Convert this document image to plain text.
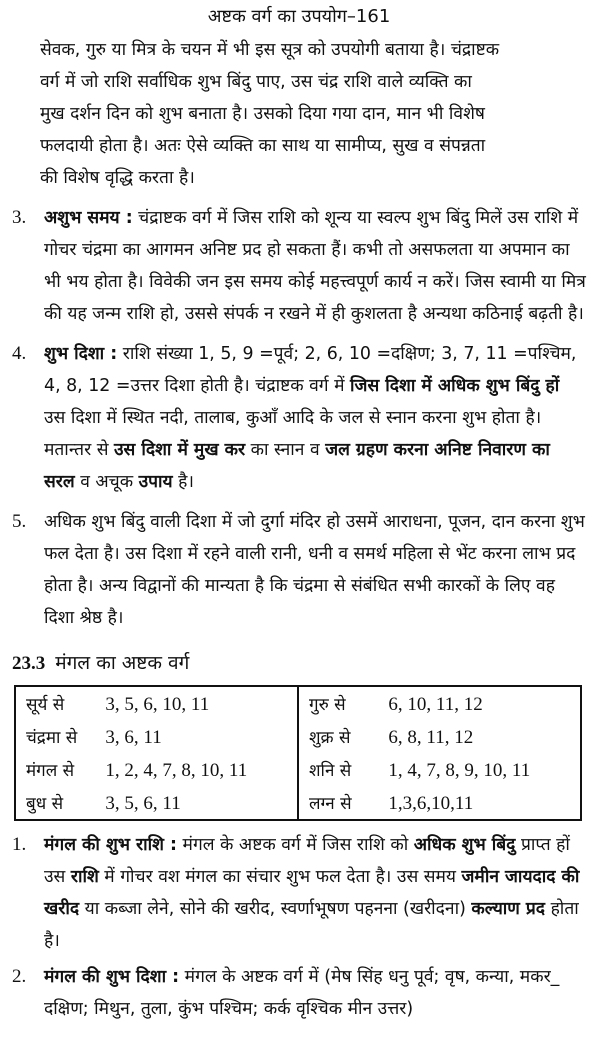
अष्टक वर्ग का उपयोग–161

सेवक, गुरु या मित्र के चयन में भी इस सूत्र को उपयोगी बताया है। चंद्राष्टक

वर्ग में जो राशि सर्वाधिक शुभ बिंदु पाए, उस चंद्र राशि वाले व्यक्ति का

मुख दर्शन दिन को शुभ बनाता है। उसको दिया गया दान, मान भी विशेष

फलदायी होता है। अतः ऐसे व्यक्ति का साथ या सामीप्य, सुख व संपन्नता

की विशेष वृद्धि करता है।

3.	अशुभ समय : चंद्राष्टक वर्ग में जिस राशि को शून्य या स्वल्प शुभ बिंदु मिलें उस राशि में गोचर चंद्रमा का आगमन अनिष्ट प्रद हो सकता हैं। कभी तो असफलता या अपमान का भी भय होता है। विवेकी जन इस समय कोई महत्त्वपूर्ण कार्य न करें। जिस स्वामी या मित्र की यह जन्म राशि हो, उससे संपर्क न रखने में ही कुशलता है अन्यथा कठिनाई बढ़ती है।
4.	शुभ दिशा : राशि संख्या 1, 5, 9 =पूर्व; 2, 6, 10 =दक्षिण; 3, 7, 11 =पश्चिम, 4, 8, 12 =उत्तर दिशा होती है। चंद्राष्टक वर्ग में जिस दिशा में अधिक शुभ बिंदु हों उस दिशा में स्थित नदी, तालाब, कुआँ आदि के जल से स्नान करना शुभ होता है। मतान्तर से उस दिशा में मुख कर का स्नान व जल ग्रहण करना अनिष्ट निवारण का सरल व अचूक उपाय है।
5.	अधिक शुभ बिंदु वाली दिशा में जो दुर्गा मंदिर हो उसमें आराधना, पूजन, दान करना शुभ फल देता है। उस दिशा में रहने वाली रानी, धनी व समर्थ महिला से भेंट करना लाभ प्रद होता है। अन्य विद्वानों की मान्यता है कि चंद्रमा से संबंधित सभी कारकों के लिए वह दिशा श्रेष्ठ है।
23.3 मंगल का अष्टक वर्ग
सूर्य से 3, 5, 6, 10, 11	गुरु से 6, 10, 11, 12
चंद्रमा से 3, 6, 11	शुक्र से 6, 8, 11, 12
मंगल से 1, 2, 4, 7, 8, 10, 11	शनि से 1, 4, 7, 8, 9, 10, 11
बुध से 3, 5, 6, 11	लग्न से 1,3,6,10,11
1.	मंगल की शुभ राशि : मंगल के अष्टक वर्ग में जिस राशि को अधिक शुभ बिंदु प्राप्त हों उस राशि में गोचर वश मंगल का संचार शुभ फल देता है। उस समय जमीन जायदाद की खरीद या कब्जा लेने, सोने की खरीद, स्वर्णाभूषण पहनना (खरीदना) कल्याण प्रद होता है।
2.	मंगल की शुभ दिशा : मंगल के अष्टक वर्ग में (मेष सिंह धनु पूर्व; वृष, कन्या, मकर_ दक्षिण; मिथुन, तुला, कुंभ पश्चिम; कर्क वृश्चिक मीन उत्तर)
